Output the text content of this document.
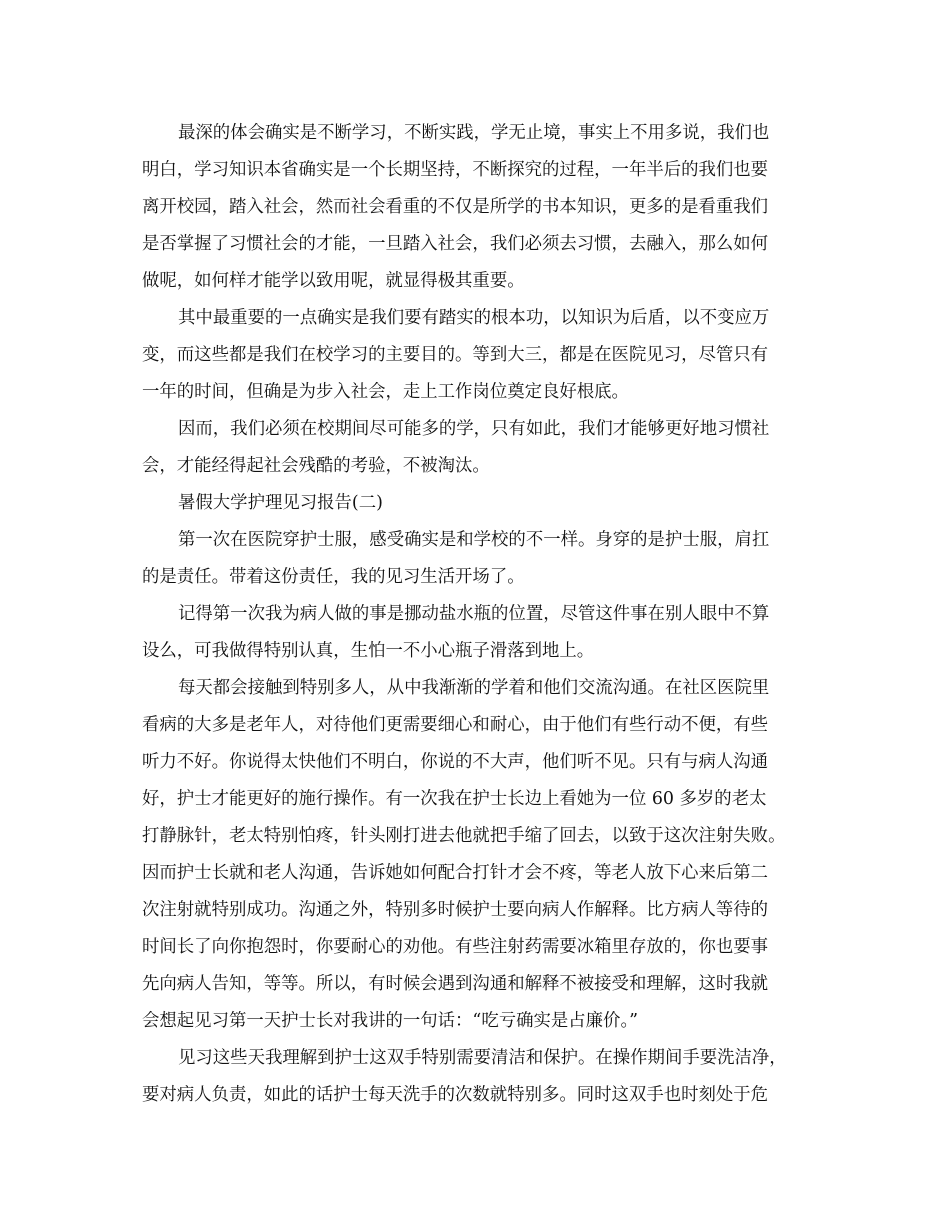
最深的体会确实是不断学习，不断实践，学无止境，事实上不用多说，我们也
明白，学习知识本省确实是一个长期坚持，不断探究的过程，一年半后的我们也要
离开校园，踏入社会，然而社会看重的不仅是所学的书本知识，更多的是看重我们
是否掌握了习惯社会的才能，一旦踏入社会，我们必须去习惯，去融入，那么如何
做呢，如何样才能学以致用呢，就显得极其重要。
其中最重要的一点确实是我们要有踏实的根本功，以知识为后盾，以不变应万
变，而这些都是我们在校学习的主要目的。等到大三，都是在医院见习，尽管只有
一年的时间，但确是为步入社会，走上工作岗位奠定良好根底。
因而，我们必须在校期间尽可能多的学，只有如此，我们才能够更好地习惯社
会，才能经得起社会残酷的考验，不被淘汰。
暑假大学护理见习报告(二)
第一次在医院穿护士服，感受确实是和学校的不一样。身穿的是护士服，肩扛
的是责任。带着这份责任，我的见习生活开场了。
记得第一次我为病人做的事是挪动盐水瓶的位置，尽管这件事在别人眼中不算
设么，可我做得特别认真，生怕一不小心瓶子滑落到地上。
每天都会接触到特别多人，从中我渐渐的学着和他们交流沟通。在社区医院里
看病的大多是老年人，对待他们更需要细心和耐心，由于他们有些行动不便，有些
听力不好。你说得太快他们不明白，你说的不大声，他们听不见。只有与病人沟通
好，护士才能更好的施行操作。有一次我在护士长边上看她为一位 60 多岁的老太
打静脉针，老太特别怕疼，针头刚打进去他就把手缩了回去，以致于这次注射失败。
因而护士长就和老人沟通，告诉她如何配合打针才会不疼，等老人放下心来后第二
次注射就特别成功。沟通之外，特别多时候护士要向病人作解释。比方病人等待的
时间长了向你抱怨时，你要耐心的劝他。有些注射药需要冰箱里存放的，你也要事
先向病人告知，等等。所以，有时候会遇到沟通和解释不被接受和理解，这时我就
会想起见习第一天护士长对我讲的一句话：“吃亏确实是占廉价。”
见习这些天我理解到护士这双手特别需要清洁和保护。在操作期间手要洗洁净，
要对病人负责，如此的话护士每天洗手的次数就特别多。同时这双手也时刻处于危
